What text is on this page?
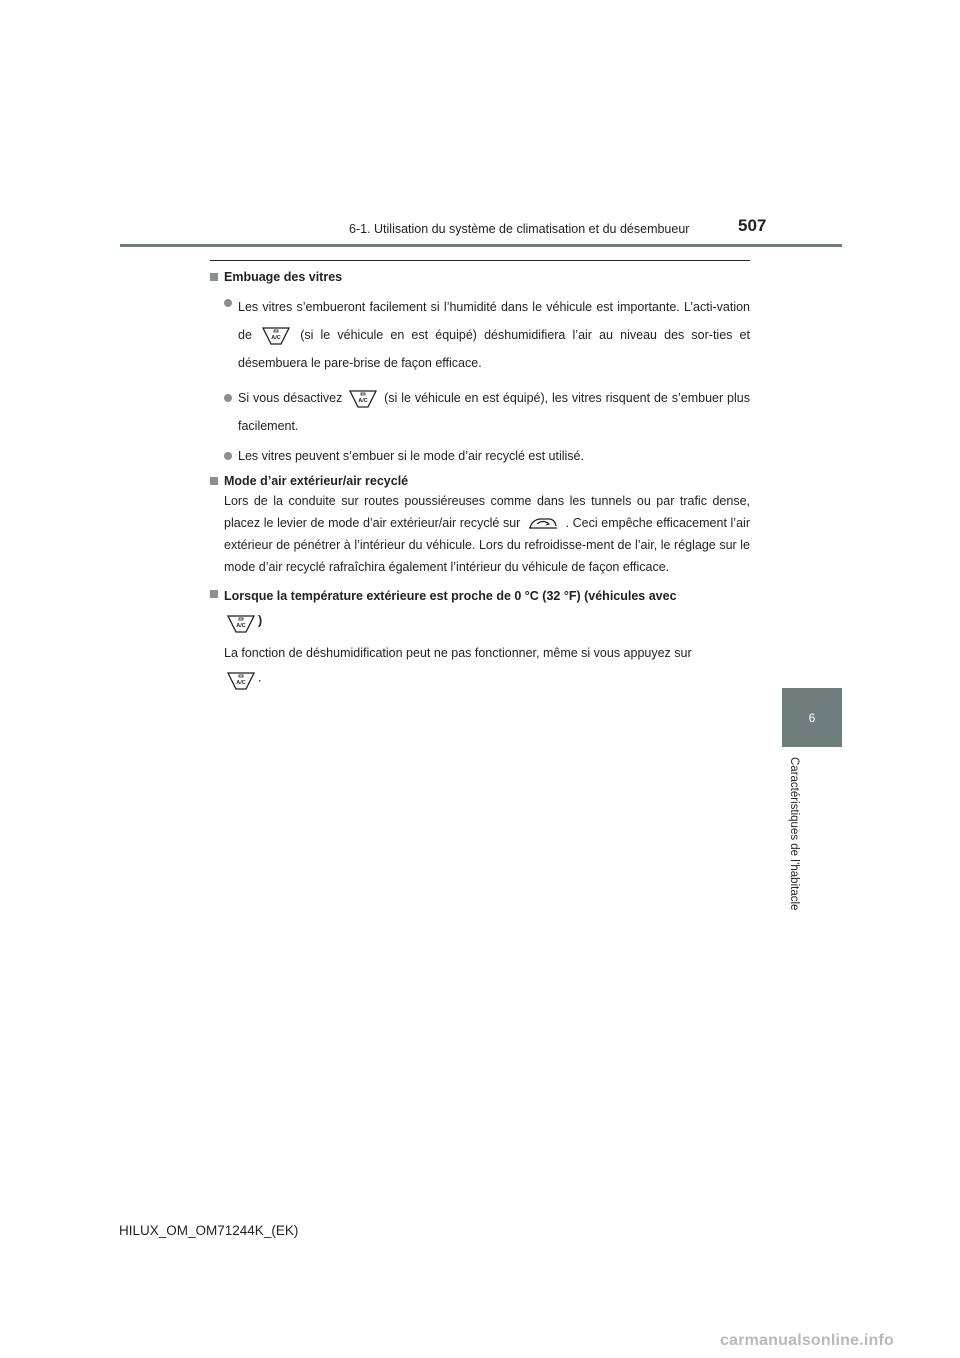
6-1. Utilisation du système de climatisation et du désembueur	507
6
Caractéristiques de l’habitacle

Embuage des vitres

Les vitres s’embueront facilement si l’humidité dans le véhicule est importante. L’acti-vation de	A/C (si le véhicule en est équipé) déshumidifiera l’air au niveau des sor-ties et désembuera le pare-brise de façon efficace.

Si vous désactivez	A/C (si le véhicule en est équipé), les vitres risquent de s’embuer plus facilement.

Les vitres peuvent s’embuer si le mode d’air recyclé est utilisé.

Mode d’air extérieur/air recyclé

Lors de la conduite sur routes poussiéreuses comme dans les tunnels ou par trafic dense, placez le levier de mode d’air extérieur/air recyclé sur	. Ceci empêche efficacement l’air extérieur de pénétrer à l’intérieur du véhicule. Lors du refroidisse-ment de l’air, le réglage sur le mode d’air recyclé rafraîchira également l’intérieur du véhicule de façon efficace.

Lorsque la température extérieure est proche de 0 °C (32 °F) (véhicules avec

A/C )

La fonction de déshumidification peut ne pas fonctionner, même si vous appuyez sur

A/C .

HILUX_OM_OM71244K_(EK)
carmanualsonline.info
